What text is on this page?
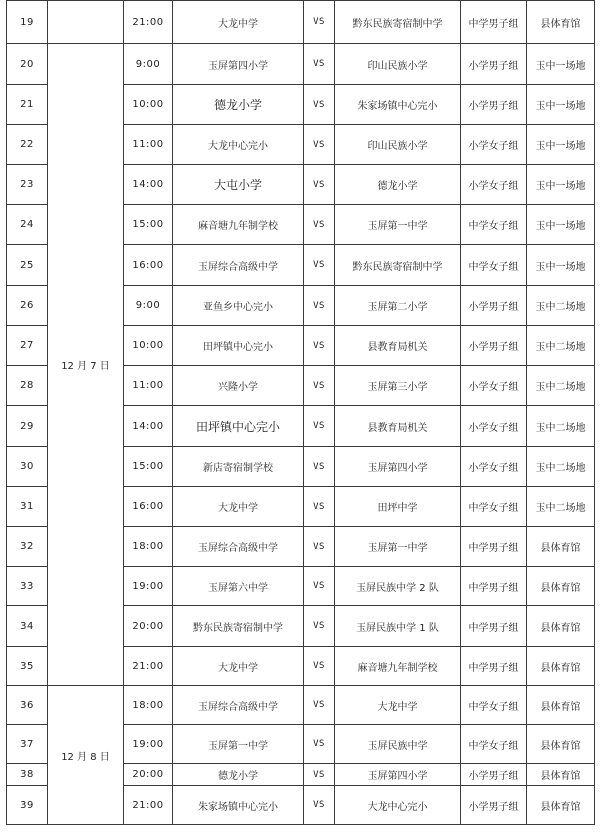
19		21:00	大龙中学	VS	黔东民族寄宿制中学	中学男子组	县体育馆
20	12 月 7 日	9:00	玉屏第四小学	VS	印山民族小学	小学男子组	玉中一场地
21		10:00	德龙小学	VS	朱家场镇中心完小	小学男子组	玉中一场地
22		11:00	大龙中心完小	VS	印山民族小学	小学女子组	玉中一场地
23		14:00	大屯小学	VS	德龙小学	小学女子组	玉中一场地
24		15:00	麻音塘九年制学校	VS	玉屏第一中学	中学女子组	玉中一场地
25		16:00	玉屏综合高级中学	VS	黔东民族寄宿制中学	中学女子组	玉中一场地
26		9:00	亚鱼乡中心完小	VS	玉屏第二小学	小学男子组	玉中二场地
27		10:00	田坪镇中心完小	VS	县教育局机关	小学男子组	玉中二场地
28		11:00	兴隆小学	VS	玉屏第三小学	小学女子组	玉中二场地
29		14:00	田坪镇中心完小	VS	县教育局机关	小学女子组	玉中二场地
30		15:00	新店寄宿制学校	VS	玉屏第四小学	小学女子组	玉中二场地
31		16:00	大龙中学	VS	田坪中学	中学女子组	玉中二场地
32		18:00	玉屏综合高级中学	VS	玉屏第一中学	中学男子组	县体育馆
33		19:00	玉屏第六中学	VS	玉屏民族中学 2 队	中学男子组	县体育馆
34		20:00	黔东民族寄宿制中学	VS	玉屏民族中学 1 队	中学男子组	县体育馆
35		21:00	大龙中学	VS	麻音塘九年制学校	中学男子组	县体育馆
36	12 月 8 日	18:00	玉屏综合高级中学	VS	大龙中学	中学女子组	县体育馆
37		19:00	玉屏第一中学	VS	玉屏民族中学	中学女子组	县体育馆
38		20:00	德龙小学	VS	玉屏第四小学	小学男子组	县体育馆
39		21:00	朱家场镇中心完小	VS	大龙中心完小	小学男子组	县体育馆
